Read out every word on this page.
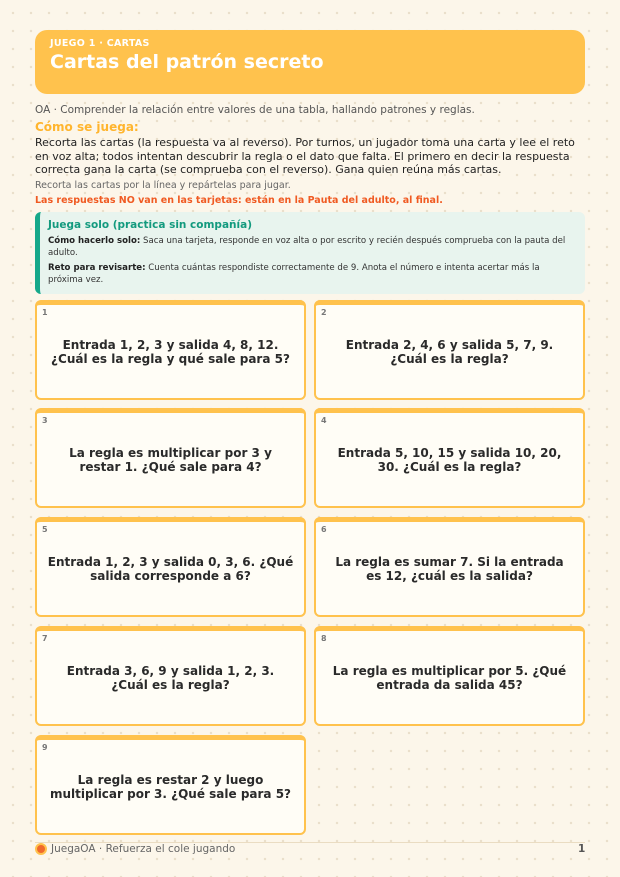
JUEGO 1 · CARTAS
Cartas del patrón secreto
OA · Comprender la relación entre valores de una tabla, hallando patrones y reglas.
Cómo se juega:
Recorta las cartas (la respuesta va al reverso). Por turnos, un jugador toma una carta y lee el reto en voz alta; todos intentan descubrir la regla o el dato que falta. El primero en decir la respuesta correcta gana la carta (se comprueba con el reverso). Gana quien reúna más cartas.
Recorta las cartas por la línea y repártelas para jugar.
Las respuestas NO van en las tarjetas: están en la Pauta del adulto, al final.
Juega solo (practica sin compañía)

Cómo hacerlo solo: Saca una tarjeta, responde en voz alta o por escrito y recién después comprueba con la pauta del adulto.

Reto para revisarte: Cuenta cuántas respondiste correctamente de 9. Anota el número e intenta acertar más la próxima vez.

1
Entrada 1, 2, 3 y salida 4, 8, 12. ¿Cuál es la regla y qué sale para 5?
2
Entrada 2, 4, 6 y salida 5, 7, 9. ¿Cuál es la regla?
3
La regla es multiplicar por 3 y restar 1. ¿Qué sale para 4?
4
Entrada 5, 10, 15 y salida 10, 20, 30. ¿Cuál es la regla?
5
Entrada 1, 2, 3 y salida 0, 3, 6. ¿Qué salida corresponde a 6?
6
La regla es sumar 7. Si la entrada es 12, ¿cuál es la salida?
7
Entrada 3, 6, 9 y salida 1, 2, 3. ¿Cuál es la regla?
8
La regla es multiplicar por 5. ¿Qué entrada da salida 45?
9
La regla es restar 2 y luego multiplicar por 3. ¿Qué sale para 5?
JuegaOA · Refuerza el cole jugando	1
